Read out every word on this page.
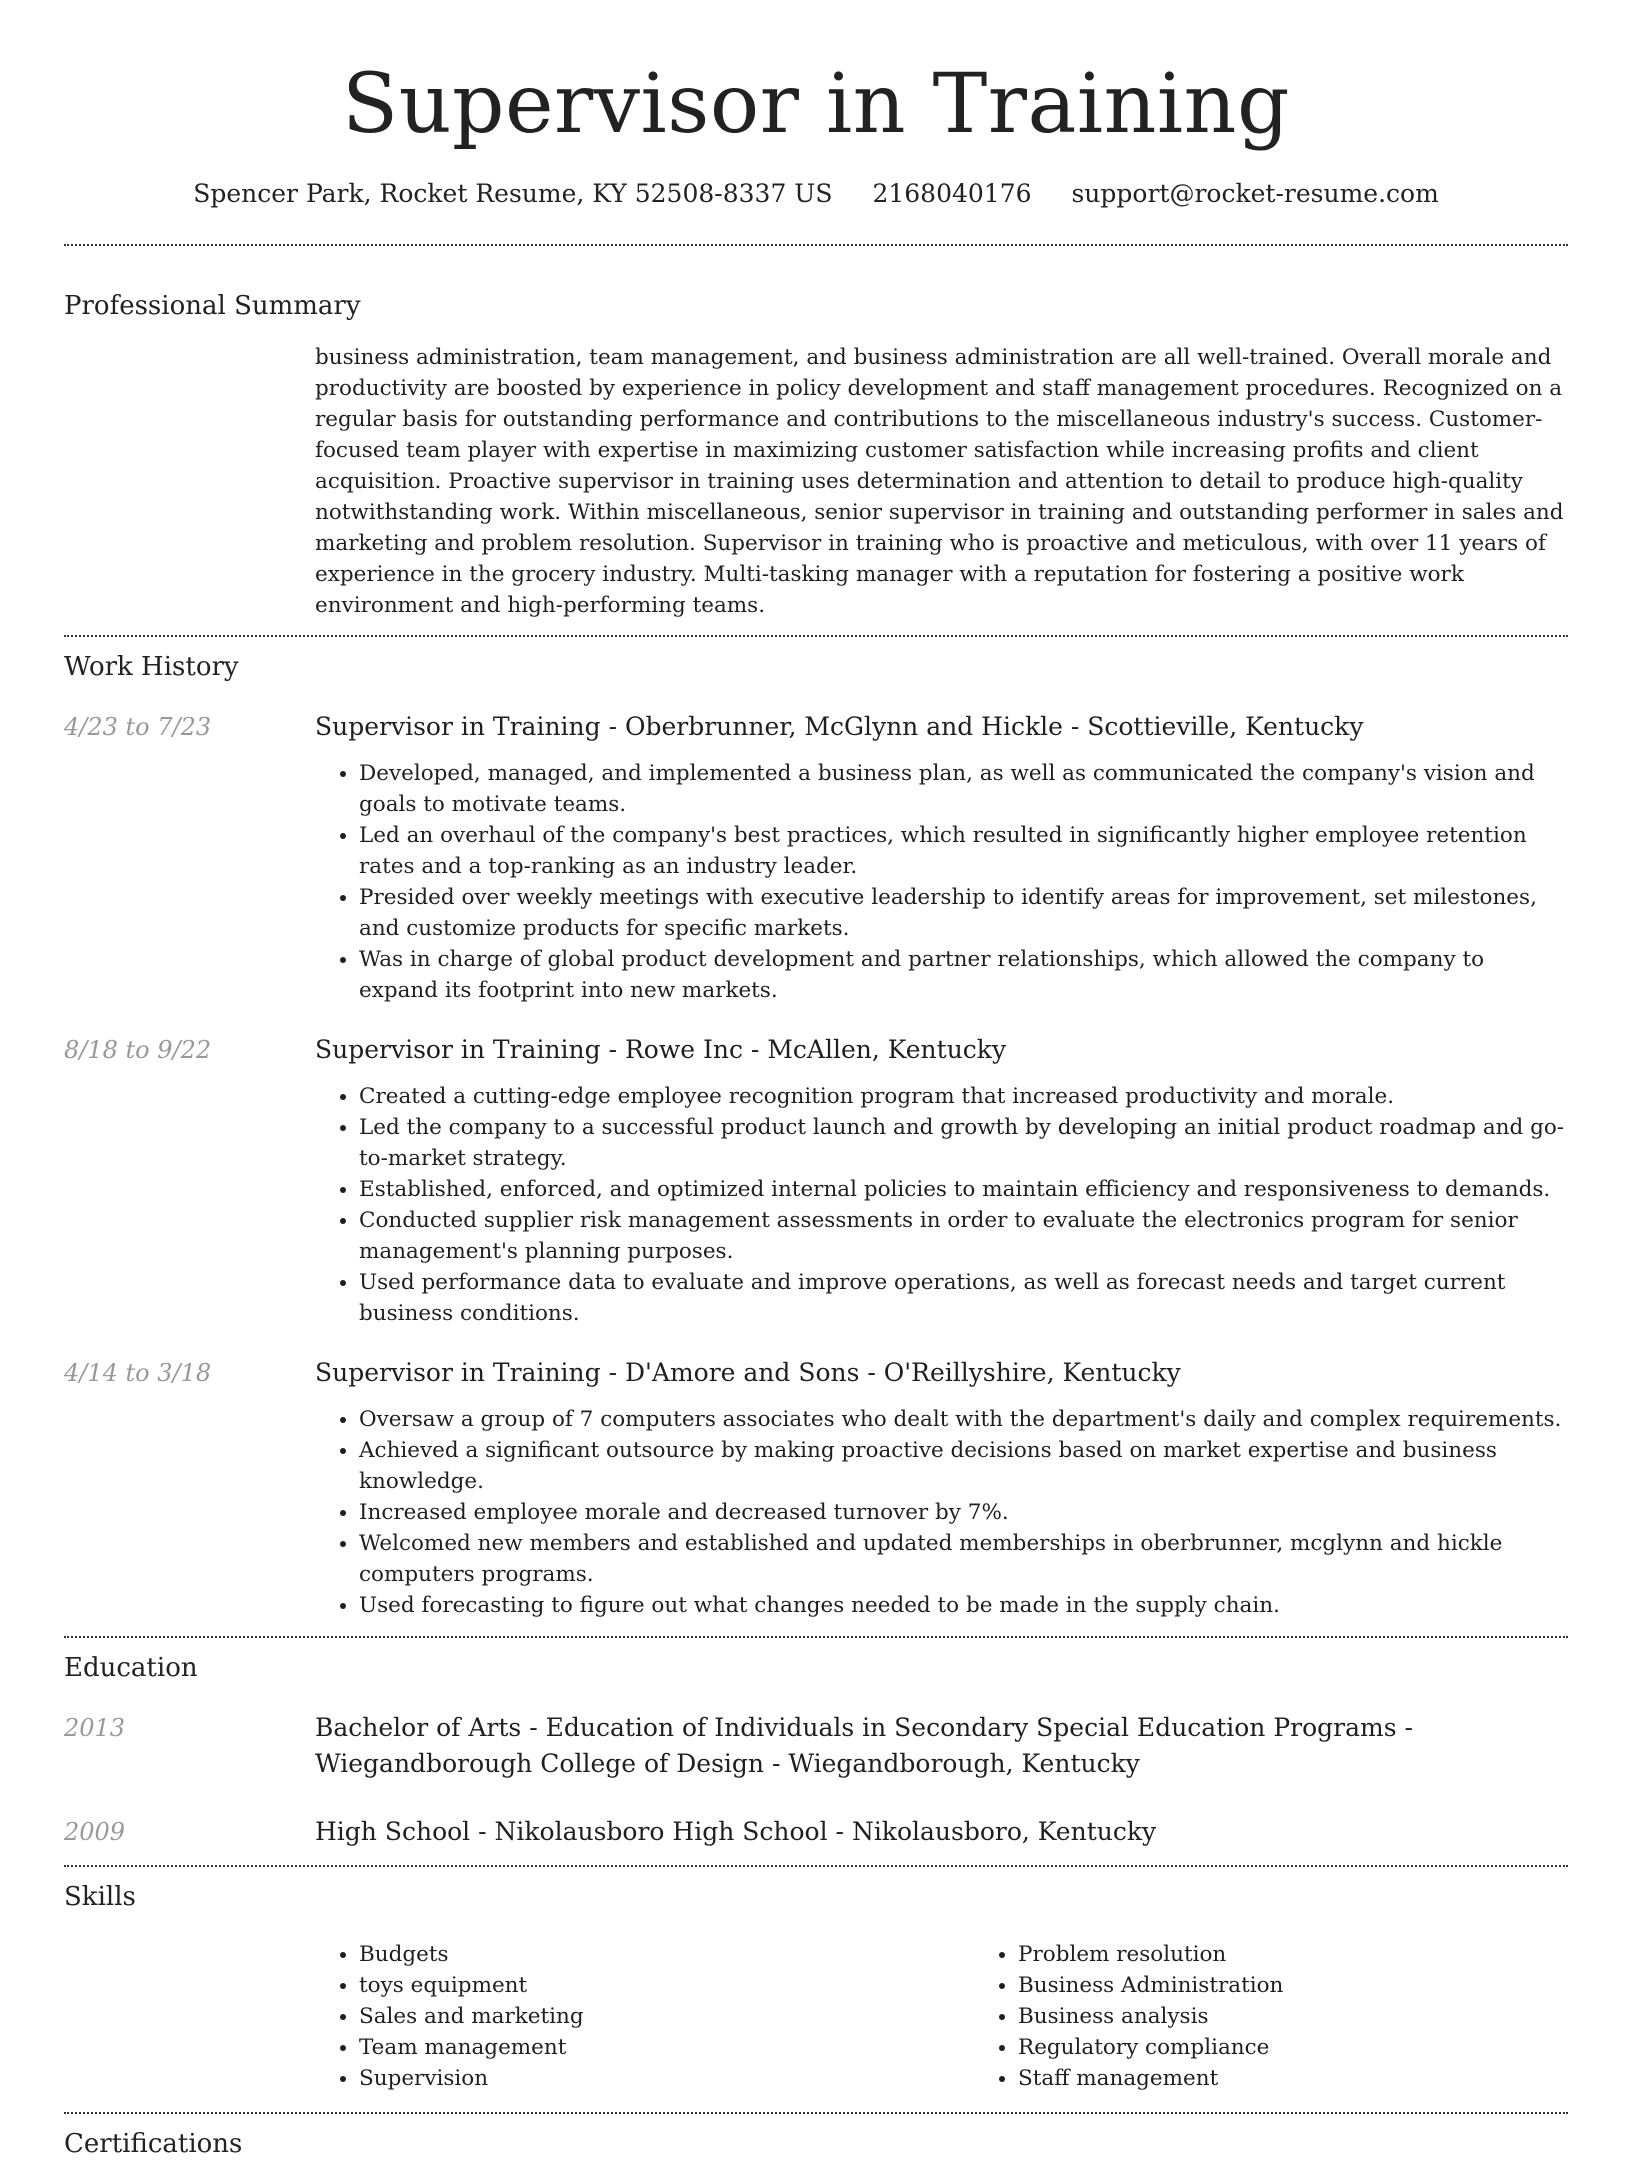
Supervisor in Training
Spencer Park, Rocket Resume, KY 52508-8337 US 2168040176 support@rocket-resume.com
Professional Summary
business administration, team management, and business administration are all well-trained. Overall morale and productivity are boosted by experience in policy development and staff management procedures. Recognized on a regular basis for outstanding performance and contributions to the miscellaneous industry's success. Customer-focused team player with expertise in maximizing customer satisfaction while increasing profits and client acquisition. Proactive supervisor in training uses determination and attention to detail to produce high-quality notwithstanding work. Within miscellaneous, senior supervisor in training and outstanding performer in sales and marketing and problem resolution. Supervisor in training who is proactive and meticulous, with over 11 years of experience in the grocery industry. Multi-tasking manager with a reputation for fostering a positive work environment and high-performing teams.
Work History
4/23 to 7/23	Supervisor in Training - Oberbrunner, McGlynn and Hickle - Scottieville, Kentucky
• Developed, managed, and implemented a business plan, as well as communicated the company's vision and goals to motivate teams.
• Led an overhaul of the company's best practices, which resulted in significantly higher employee retention rates and a top-ranking as an industry leader.
• Presided over weekly meetings with executive leadership to identify areas for improvement, set milestones, and customize products for specific markets.
• Was in charge of global product development and partner relationships, which allowed the company to expand its footprint into new markets.
8/18 to 9/22	Supervisor in Training - Rowe Inc - McAllen, Kentucky
• Created a cutting-edge employee recognition program that increased productivity and morale.
• Led the company to a successful product launch and growth by developing an initial product roadmap and go-to-market strategy.
• Established, enforced, and optimized internal policies to maintain efficiency and responsiveness to demands.
• Conducted supplier risk management assessments in order to evaluate the electronics program for senior management's planning purposes.
• Used performance data to evaluate and improve operations, as well as forecast needs and target current business conditions.
4/14 to 3/18	Supervisor in Training - D'Amore and Sons - O'Reillyshire, Kentucky
• Oversaw a group of 7 computers associates who dealt with the department's daily and complex requirements.
• Achieved a significant outsource by making proactive decisions based on market expertise and business knowledge.
• Increased employee morale and decreased turnover by 7%.
• Welcomed new members and established and updated memberships in oberbrunner, mcglynn and hickle computers programs.
• Used forecasting to figure out what changes needed to be made in the supply chain.
Education
2013	Bachelor of Arts - Education of Individuals in Secondary Special Education Programs - Wiegandborough College of Design - Wiegandborough, Kentucky
2009	High School - Nikolausboro High School - Nikolausboro, Kentucky
Skills
• Budgets
• toys equipment
• Sales and marketing
• Team management
• Supervision
• Problem resolution
• Business Administration
• Business analysis
• Regulatory compliance
• Staff management
Certifications
